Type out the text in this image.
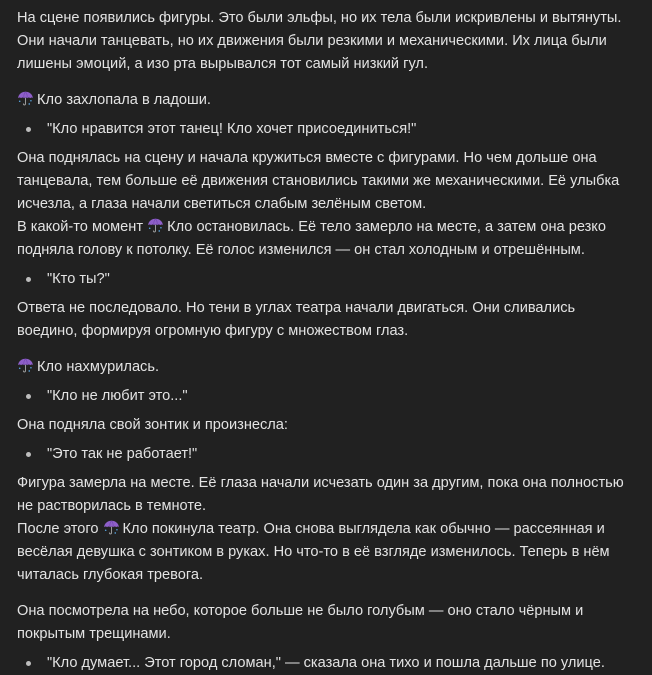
На сцене появились фигуры. Это были эльфы, но их тела были искривлены и вытянуты. Они начали танцевать, но их движения были резкими и механическими. Их лица были лишены эмоций, а изо рта вырывался тот самый низкий гул.

Кло захлопала в ладоши.

"Кло нравится этот танец! Кло хочет присоединиться!"

Она поднялась на сцену и начала кружиться вместе с фигурами. Но чем дольше она танцевала, тем больше её движения становились такими же механическими. Её улыбка исчезла, а глаза начали светиться слабым зелёным светом.

В какой-то момент Кло остановилась. Её тело замерло на месте, а затем она резко подняла голову к потолку. Её голос изменился — он стал холодным и отрешённым.

"Кто ты?"

Ответа не последовало. Но тени в углах театра начали двигаться. Они сливались воедино, формируя огромную фигуру с множеством глаз.

Кло нахмурилась.

"Кло не любит это..."

Она подняла свой зонтик и произнесла:

"Это так не работает!"

Фигура замерла на месте. Её глаза начали исчезать один за другим, пока она полностью не растворилась в темноте.

После этого Кло покинула театр. Она снова выглядела как обычно — рассеянная и весёлая девушка с зонтиком в руках. Но что-то в её взгляде изменилось. Теперь в нём читалась глубокая тревога.

Она посмотрела на небо, которое больше не было голубым — оно стало чёрным и покрытым трещинами.

"Кло думает... Этот город сломан," — сказала она тихо и пошла дальше по улице.
